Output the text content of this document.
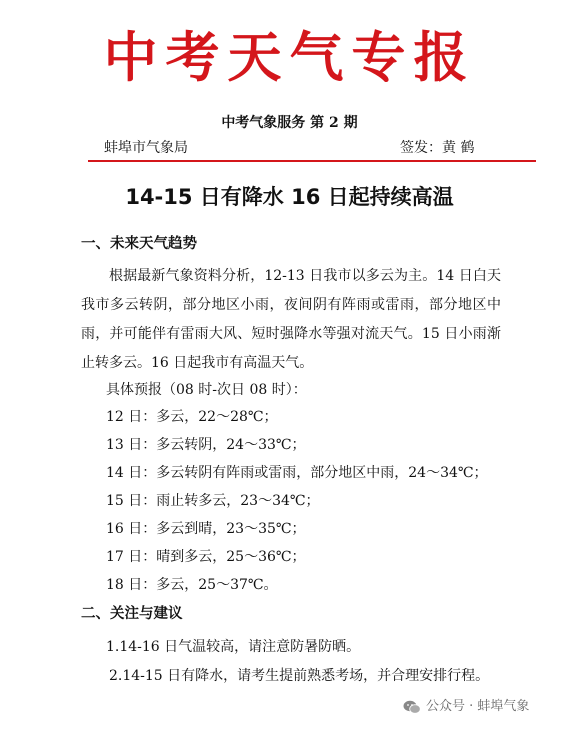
中考天气专报
中考气象服务 第 2 期
蚌埠市气象局	签发：黄 鹤
14-15 日有降水 16 日起持续高温
一、未来天气趋势

根据最新气象资料分析，12-13 日我市以多云为主。14 日白天我市多云转阴，部分地区小雨，夜间阴有阵雨或雷雨，部分地区中雨，并可能伴有雷雨大风、短时强降水等强对流天气。15 日小雨渐止转多云。16 日起我市有高温天气。

具体预报（08 时-次日 08 时）：
12 日：多云，22～28℃；
13 日：多云转阴，24～33℃；
14 日：多云转阴有阵雨或雷雨，部分地区中雨，24～34℃；
15 日：雨止转多云，23～34℃；
16 日：多云到晴，23～35℃；
17 日：晴到多云，25～36℃；
18 日：多云，25～37℃。
二、关注与建议
1.14-16 日气温较高，请注意防暑防晒。

2.14-15 日有降水，请考生提前熟悉考场，并合理安排行程。

公众号 · 蚌埠气象
